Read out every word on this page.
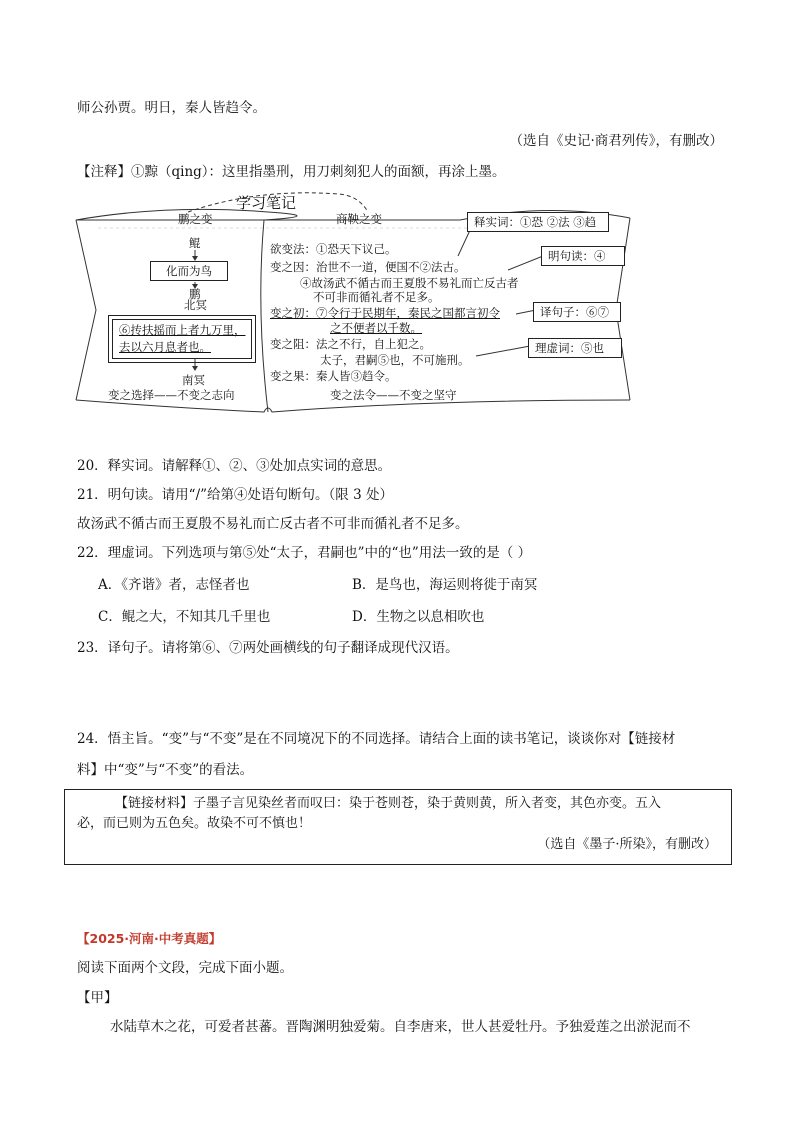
师公孙贾。明日，秦人皆趋令。
（选自《史记·商君列传》，有删改）
【注释】①黥（qing）：这里指墨刑，用刀刺刻犯人的面额，再涂上墨。
学习笔记
鹏之变	商鞅之变
鲲
化而为鸟
鹏
北冥
⑥抟扶摇而上者九万里，
去以六月息者也。
南冥
变之选择——不变之志向
欲变法：①恐天下议己。
变之因：治世不一道，便国不②法古。
④故汤武不循古而王夏殷不易礼而亡反古者
不可非而循礼者不足多。
变之初：⑦令行于民期年，秦民之国都言初令
之不便者以千数。
变之阻：法之不行，自上犯之。
太子，君嗣⑤也，不可施刑。
变之果：秦人皆③趋令。
变之法令——不变之坚守
释实词：①恐 ②法 ③趋
明句读：④
译句子：⑥⑦
理虚词：⑤也
20．释实词。请解释①、②、③处加点实词的意思。
21．明句读。请用“/”给第④处语句断句。（限 3 处）
故汤武不循古而王夏殷不易礼而亡反古者不可非而循礼者不足多。
22．理虚词。下列选项与第⑤处“太子，君嗣也”中的“也”用法一致的是（ ）
A．《齐谐》者，志怪者也	B．是鸟也，海运则将徙于南冥
C．鲲之大，不知其几千里也	D．生物之以息相吹也
23．译句子。请将第⑥、⑦两处画横线的句子翻译成现代汉语。
24．悟主旨。“变”与“不变”是在不同境况下的不同选择。请结合上面的读书笔记，谈谈你对【链接材
料】中“变”与“不变”的看法。
【链接材料】子墨子言见染丝者而叹曰：染于苍则苍，染于黄则黄，所入者变，其色亦变。五入
必，而已则为五色矣。故染不可不慎也！
（选自《墨子·所染》，有删改）
【2025·河南·中考真题】
阅读下面两个文段，完成下面小题。
【甲】
水陆草木之花，可爱者甚蕃。晋陶渊明独爱菊。自李唐来，世人甚爱牡丹。予独爱莲之出淤泥而不
